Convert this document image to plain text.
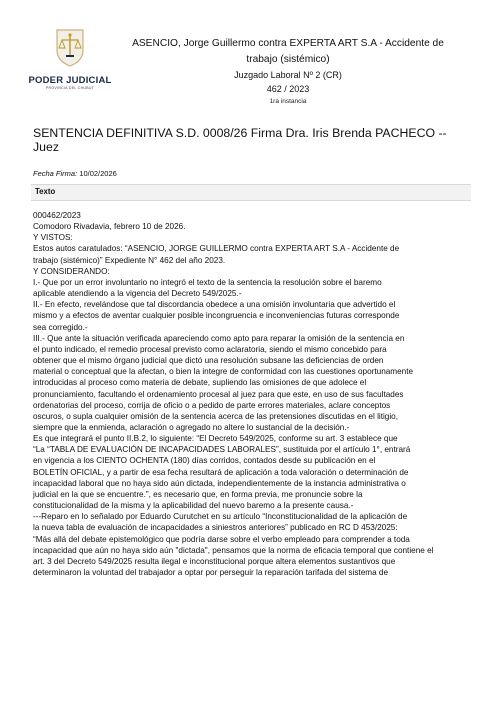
PODER JUDICIAL
PROVINCIA DEL CHUBUT
ASENCIO, Jorge Guillermo contra EXPERTA ART S.A - Accidente de
trabajo (sistémico)
Juzgado Laboral Nº 2 (CR)
462 / 2023
1ra instancia
SENTENCIA DEFINITIVA S.D. 0008/26 Firma Dra. Iris Brenda PACHECO -- Juez
Fecha Firma: 10/02/2026
Texto

000462/2023

Comodoro Rivadavia, febrero 10 de 2026.

Y VISTOS:

Estos autos caratulados: “ASENCIO, JORGE GUILLERMO contra EXPERTA ART S.A - Accidente de

trabajo (sistémico)” Expediente N° 462 del año 2023.

Y CONSIDERANDO:

I.- Que por un error involuntario no integró el texto de la sentencia la resolución sobre el baremo

aplicable atendiendo a la vigencia del Decreto 549/2025.-

II.- En efecto, revelándose que tal discordancia obedece a una omisión involuntaria que advertido el

mismo y a efectos de aventar cualquier posible incongruencia e inconveniencias futuras corresponde

sea corregido.-

III.- Que ante la situación verificada apareciendo como apto para reparar la omisión de la sentencia en

el punto indicado, el remedio procesal previsto como aclaratoria, siendo el mismo concebido para

obtener que el mismo órgano judicial que dictó una resolución subsane las deficiencias de orden

material o conceptual que la afectan, o bien la integre de conformidad con las cuestiones oportunamente

introducidas al proceso como materia de debate, supliendo las omisiones de que adolece el

pronunciamiento, facultando el ordenamiento procesal al juez para que este, en uso de sus facultades

ordenatorias del proceso, corrija de oficio o a pedido de parte errores materiales, aclare conceptos

oscuros, o supla cualquier omisión de la sentencia acerca de las pretensiones discutidas en el litigio,

siempre que la enmienda, aclaración o agregado no altere lo sustancial de la decisión.-

Es que integrará el punto II.B.2, lo siguiente: “El Decreto 549/2025, conforme su art. 3 establece que

“La “TABLA DE EVALUACIÓN DE INCAPACIDADES LABORALES”, sustituida por el artículo 1°, entrará

en vigencia a los CIENTO OCHENTA (180) días corridos, contados desde su publicación en el

BOLETÍN OFICIAL, y a partir de esa fecha resultará de aplicación a toda valoración o determinación de

incapacidad laboral que no haya sido aún dictada, independientemente de la instancia administrativa o

judicial en la que se encuentre.”, es necesario que, en forma previa, me pronuncie sobre la

constitucionalidad de la misma y la aplicabilidad del nuevo baremo a la presente causa.-

---Reparo en lo señalado por Eduardo Curutchet en su artículo “Inconstitucionalidad de la aplicación de

la nueva tabla de evaluación de incapacidades a siniestros anteriores” publicado en RC D 453/2025:

“Más allá del debate epistemológico que podría darse sobre el verbo empleado para comprender a toda

incapacidad que aún no haya sido aún "dictada", pensamos que la norma de eficacia temporal que contiene el

art. 3 del Decreto 549/2025 resulta ilegal e inconstitucional porque altera elementos sustantivos que

determinaron la voluntad del trabajador a optar por perseguir la reparación tarifada del sistema de
